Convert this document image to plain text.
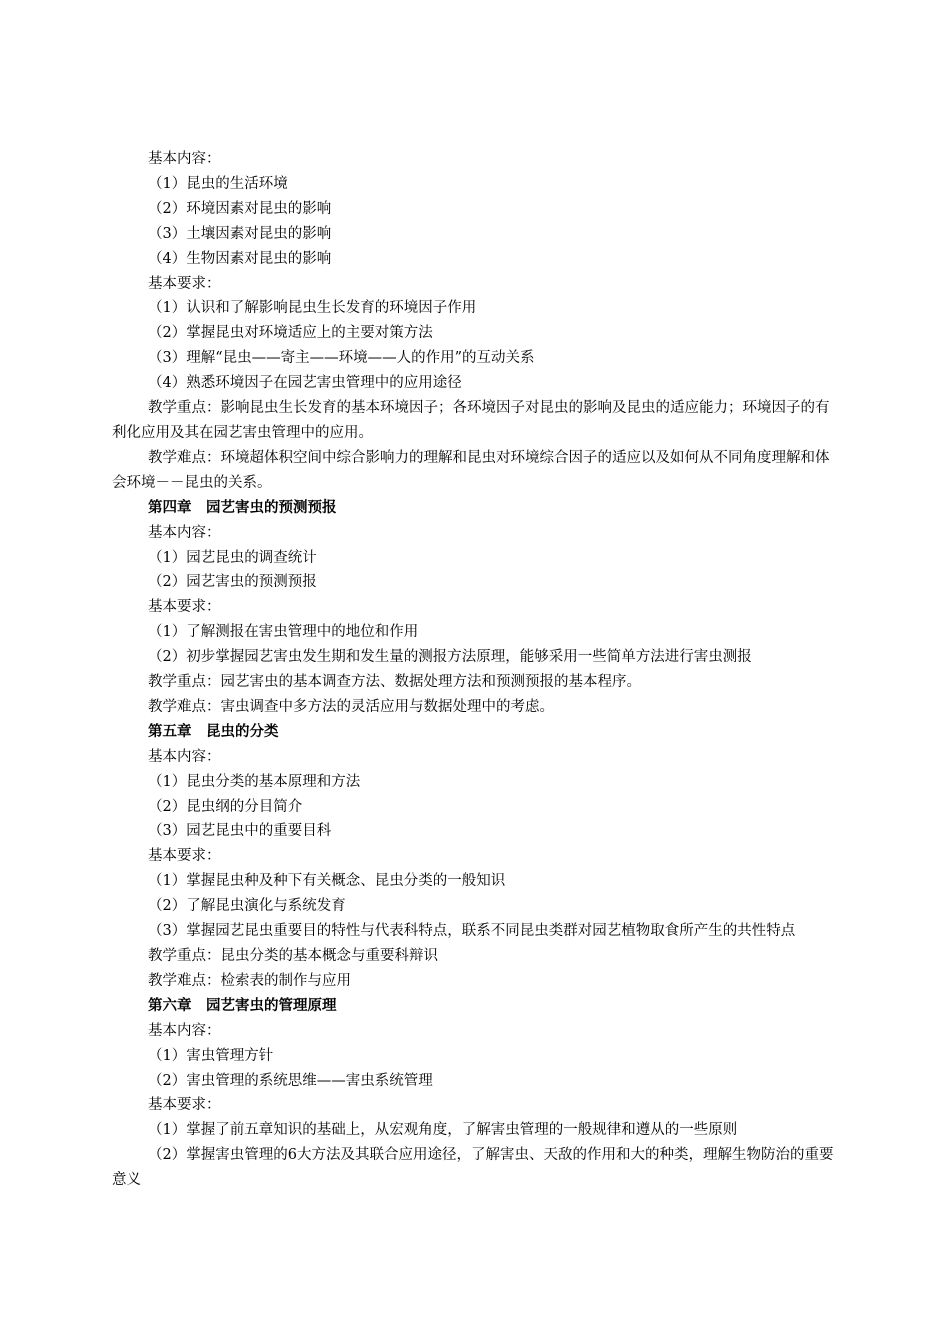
基本内容：
（1）昆虫的生活环境
（2）环境因素对昆虫的影响
（3）土壤因素对昆虫的影响
（4）生物因素对昆虫的影响
基本要求：
（1）认识和了解影响昆虫生长发育的环境因子作用
（2）掌握昆虫对环境适应上的主要对策方法
（3）理解“昆虫——寄主——环境——人的作用”的互动关系
（4）熟悉环境因子在园艺害虫管理中的应用途径
教学重点：影响昆虫生长发育的基本环境因子；各环境因子对昆虫的影响及昆虫的适应能力；环境因子的有利化应用及其在园艺害虫管理中的应用。
教学难点：环境超体积空间中综合影响力的理解和昆虫对环境综合因子的适应以及如何从不同角度理解和体会环境－－昆虫的关系。
第四章　园艺害虫的预测预报
基本内容：
（1）园艺昆虫的调查统计
（2）园艺害虫的预测预报
基本要求：
（1）了解测报在害虫管理中的地位和作用
（2）初步掌握园艺害虫发生期和发生量的测报方法原理，能够采用一些简单方法进行害虫测报
教学重点：园艺害虫的基本调查方法、数据处理方法和预测预报的基本程序。
教学难点：害虫调查中多方法的灵活应用与数据处理中的考虑。
第五章　昆虫的分类
基本内容：
（1）昆虫分类的基本原理和方法
（2）昆虫纲的分目简介
（3）园艺昆虫中的重要目科
基本要求：
（1）掌握昆虫种及种下有关概念、昆虫分类的一般知识
（2）了解昆虫演化与系统发育
（3）掌握园艺昆虫重要目的特性与代表科特点，联系不同昆虫类群对园艺植物取食所产生的共性特点
教学重点：昆虫分类的基本概念与重要科辩识
教学难点：检索表的制作与应用
第六章　园艺害虫的管理原理
基本内容：
（1）害虫管理方针
（2）害虫管理的系统思维——害虫系统管理
基本要求：
（1）掌握了前五章知识的基础上，从宏观角度，了解害虫管理的一般规律和遵从的一些原则
（2）掌握害虫管理的6大方法及其联合应用途径，了解害虫、天敌的作用和大的种类，理解生物防治的重要意义
